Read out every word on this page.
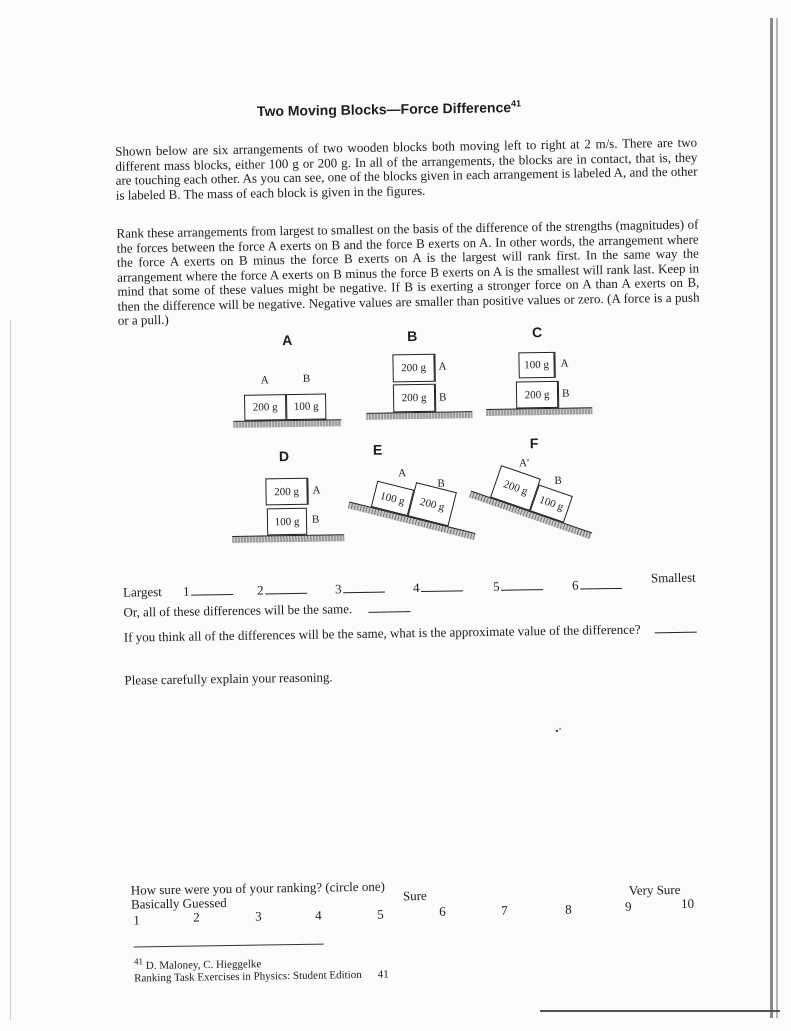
Two Moving Blocks—Force Difference$^{41}$
Shown below are six arrangements of two wooden blocks both moving left to right at 2 m/s. There are two different mass blocks, either 100 g or 200 g. In all of the arrangements, the blocks are in contact, that is, they are touching each other. As you can see, one of the blocks given in each arrangement is labeled A, and the other is labeled B. The mass of each block is given in the figures.
Rank these arrangements from largest to smallest on the basis of the difference of the strengths (magnitudes) of the forces between the force A exerts on B and the force B exerts on A. In other words, the arrangement where the force A exerts on B minus the force B exerts on A is the largest will rank first. In the same way the arrangement where the force A exerts on B minus the force B exerts on A is the smallest will rank last. Keep in mind that some of these values might be negative. If B is exerting a stronger force on A than A exerts on B, then the difference will be negative. Negative values are smaller than positive values or zero. (A force is a push or a pull.)
A
A	B
200 g	100 g
B
200 g	A
200 g	B
C
100 g	A
200 g	B
D
200 g	A
100 g	B
E
A
B
100 g	200 g
F
A'
B
200 g
100 g
Largest 1	2	3	4	5	6	Smallest
Or, all of these differences will be the same.
If you think all of the differences will be the same, what is the approximate value of the difference?
Please carefully explain your reasoning.
•ʼ
How sure were you of your ranking? (circle one)
Basically Guessed	Sure	Very Sure
1	2	3	4	5	6	7	8	9	10
$^{41}$ D. Maloney, C. Hieggelke
Ranking Task Exercises in Physics: Student Edition 41
